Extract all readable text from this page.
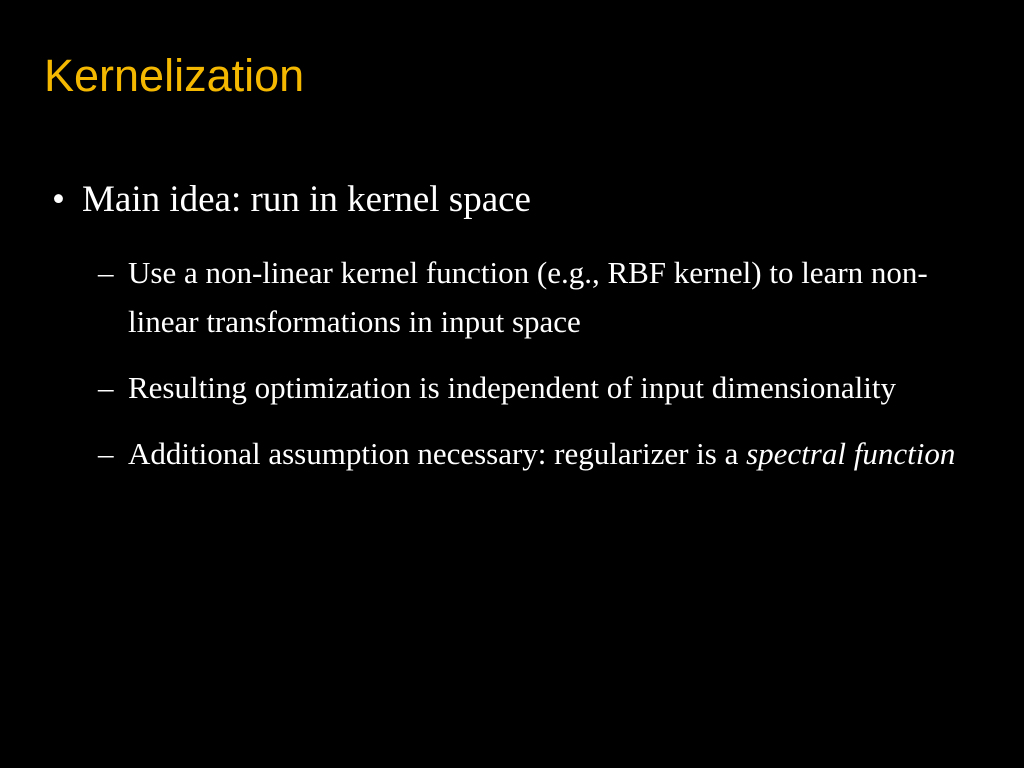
Kernelization
• Main idea: run in kernel space
– Use a non-linear kernel function (e.g., RBF kernel) to learn non-linear transformations in input space
– Resulting optimization is independent of input dimensionality
– Additional assumption necessary: regularizer is a spectral function
